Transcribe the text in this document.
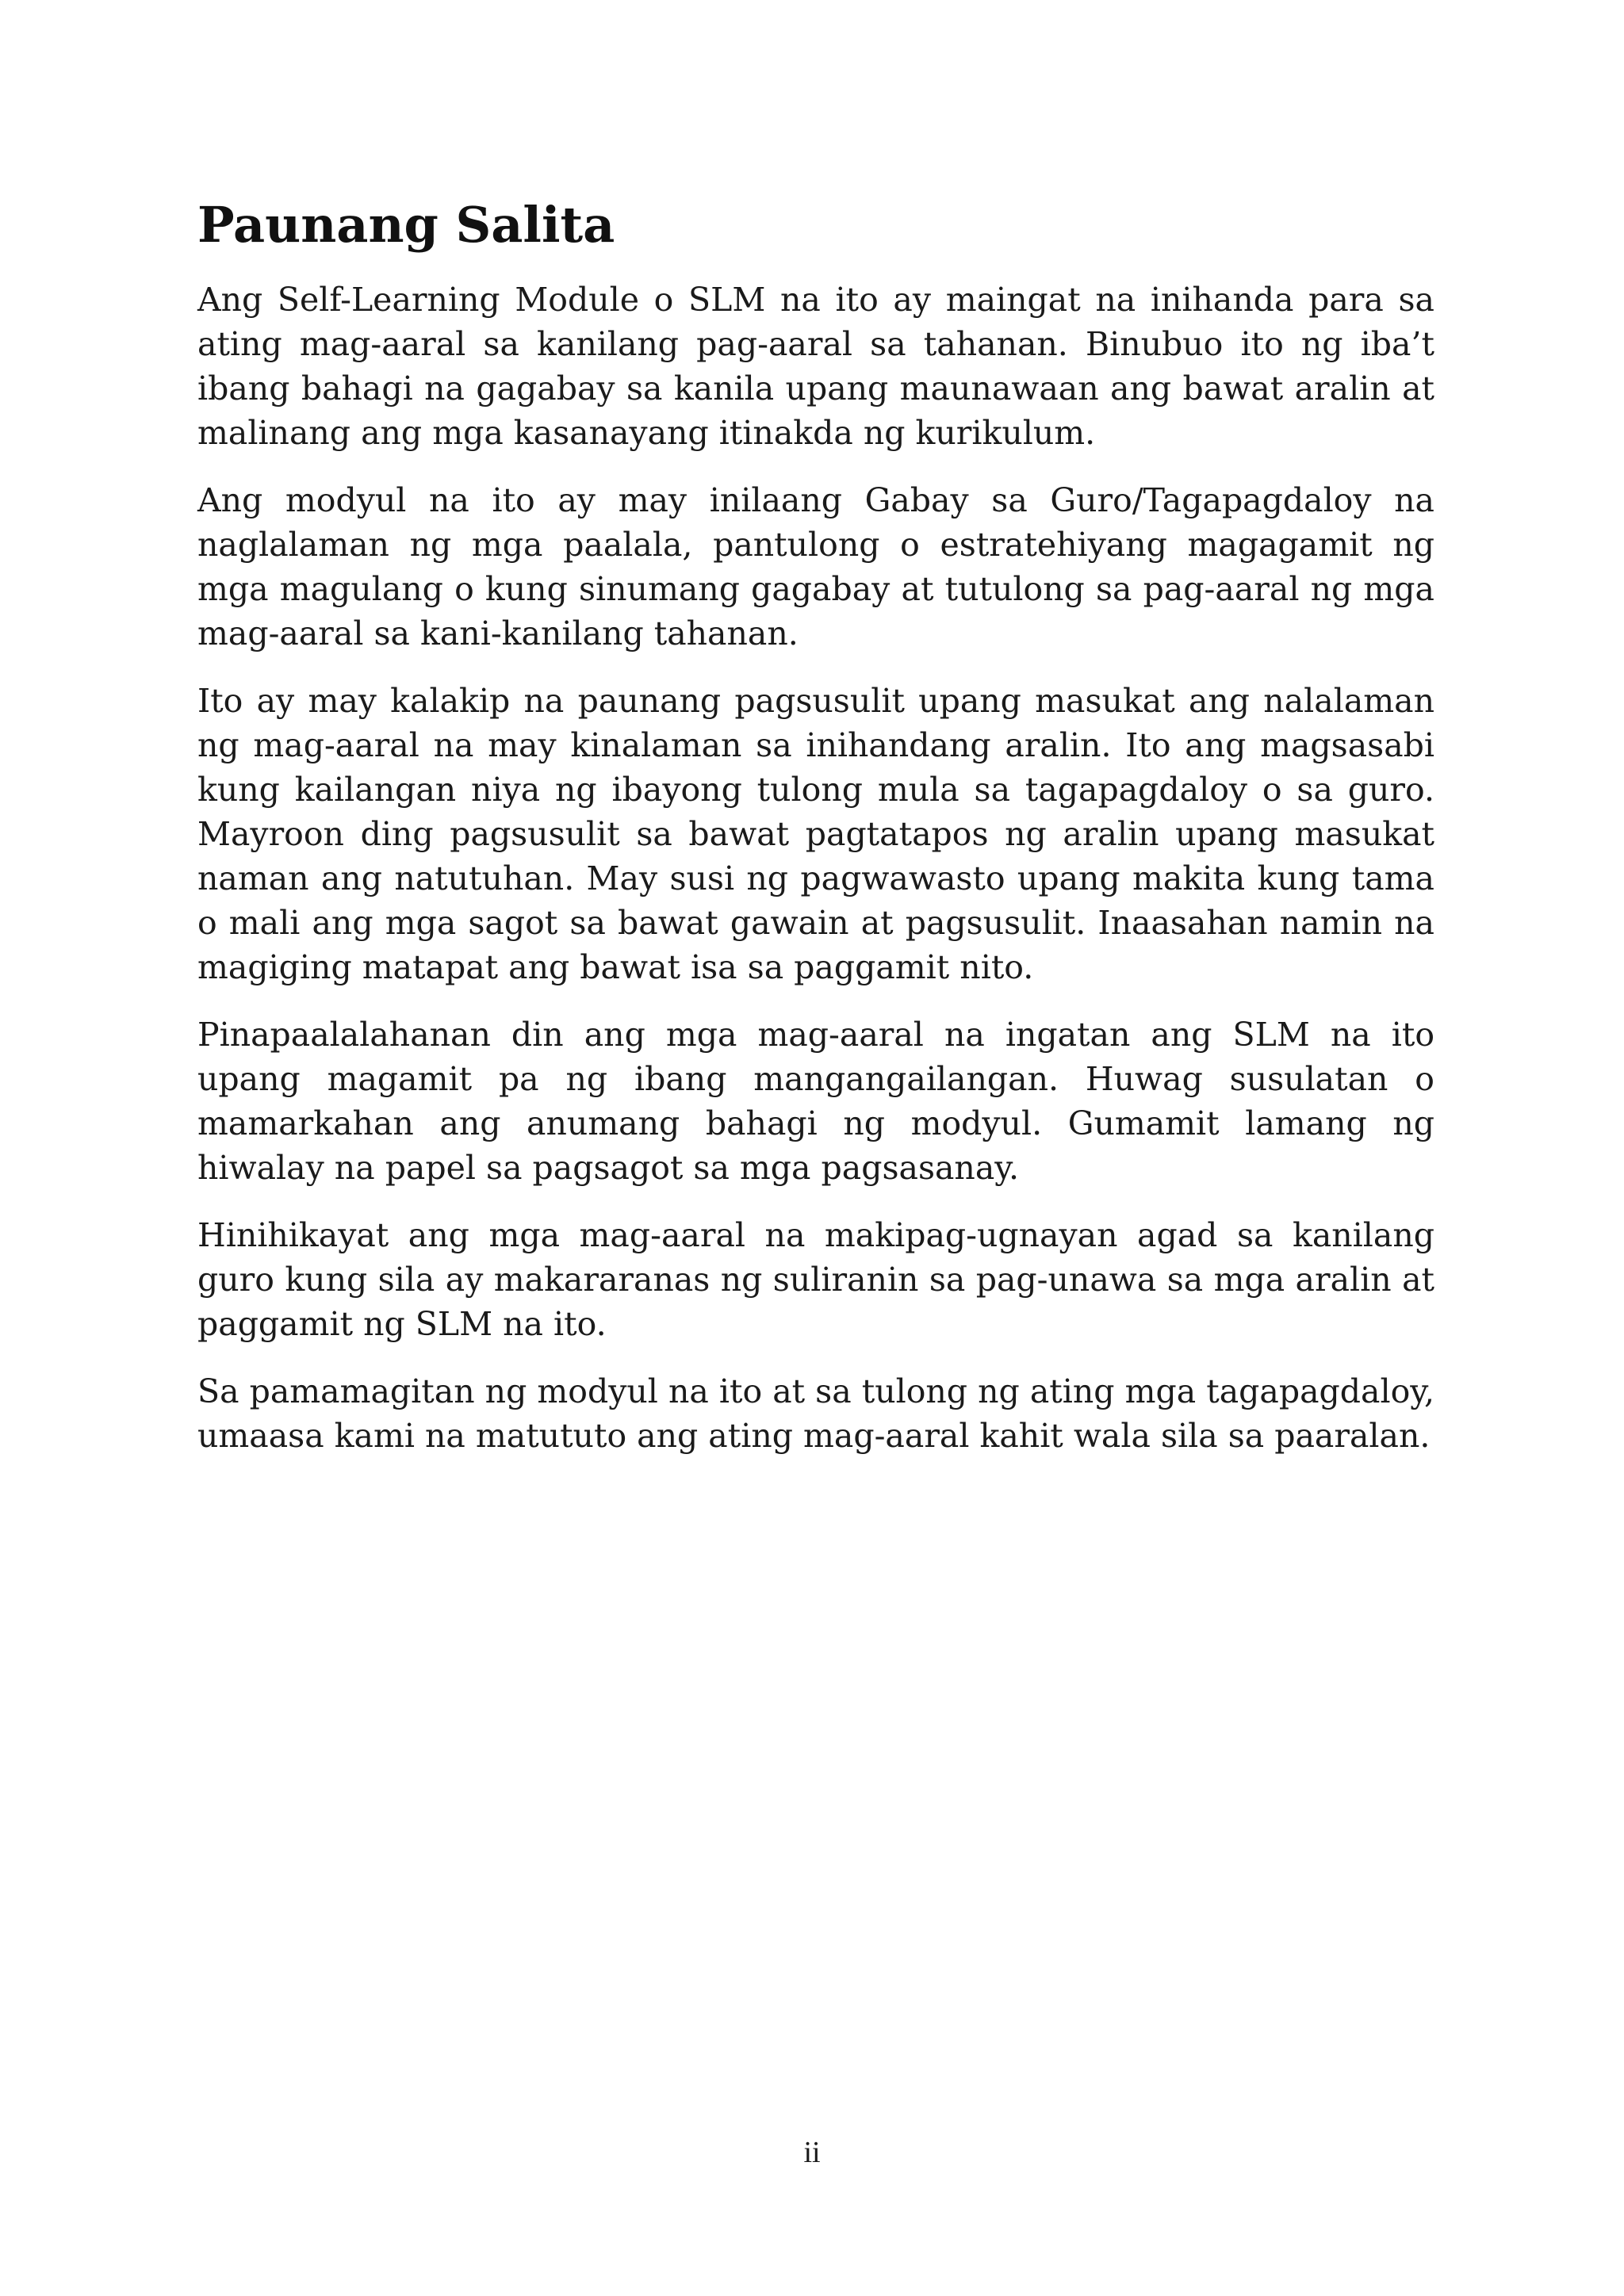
Paunang Salita

Ang Self-Learning Module o SLM na ito ay maingat na inihanda para sa ating mag-aaral sa kanilang pag-aaral sa tahanan. Binubuo ito ng iba’t ibang bahagi na gagabay sa kanila upang maunawaan ang bawat aralin at malinang ang mga kasanayang itinakda ng kurikulum.

Ang modyul na ito ay may inilaang Gabay sa Guro/Tagapagdaloy na naglalaman ng mga paalala, pantulong o estratehiyang magagamit ng mga magulang o kung sinumang gagabay at tutulong sa pag-aaral ng mga mag-aaral sa kani-kanilang tahanan.

Ito ay may kalakip na paunang pagsusulit upang masukat ang nalalaman ng mag-aaral na may kinalaman sa inihandang aralin. Ito ang magsasabi kung kailangan niya ng ibayong tulong mula sa tagapagdaloy o sa guro. Mayroon ding pagsusulit sa bawat pagtatapos ng aralin upang masukat naman ang natutuhan. May susi ng pagwawasto upang makita kung tama o mali ang mga sagot sa bawat gawain at pagsusulit. Inaasahan namin na magiging matapat ang bawat isa sa paggamit nito.

Pinapaalalahanan din ang mga mag-aaral na ingatan ang SLM na ito upang magamit pa ng ibang mangangailangan. Huwag susulatan o mamarkahan ang anumang bahagi ng modyul. Gumamit lamang ng hiwalay na papel sa pagsagot sa mga pagsasanay.

Hinihikayat ang mga mag-aaral na makipag-ugnayan agad sa kanilang guro kung sila ay makararanas ng suliranin sa pag-unawa sa mga aralin at paggamit ng SLM na ito.

Sa pamamagitan ng modyul na ito at sa tulong ng ating mga tagapagdaloy, umaasa kami na matututo ang ating mag-aaral kahit wala sila sa paaralan.

ii
